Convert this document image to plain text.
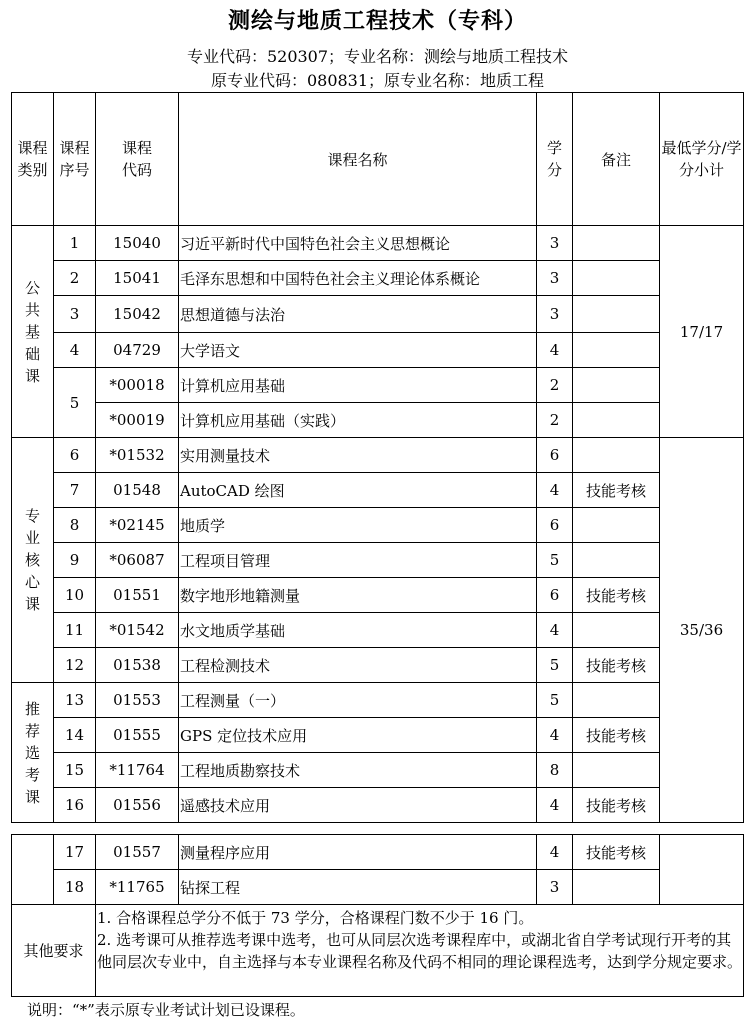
测绘与地质工程技术（专科）
专业代码：520307；专业名称：测绘与地质工程技术
原专业代码：080831；原专业名称：地质工程
课程类别	课程序号	课程代码	课程名称	学分	备注	最低学分/学分小计
公共基础课	1	15040	习近平新时代中国特色社会主义思想概论	3		17/17
	2	15041	毛泽东思想和中国特色社会主义理论体系概论	3		
	3	15042	思想道德与法治	3		
	4	04729	大学语文	4		
	5	*00018	计算机应用基础	2		
		*00019	计算机应用基础（实践）	2		
专业核心课	6	*01532	实用测量技术	6		35/36
	7	01548	AutoCAD 绘图	4	技能考核	
	8	*02145	地质学	6		
	9	*06087	工程项目管理	5		
	10	01551	数字地形地籍测量	6	技能考核	
	11	*01542	水文地质学基础	4		
	12	01538	工程检测技术	5	技能考核	
推荐选考课	13	01553	工程测量（一）	5		
	14	01555	GPS 定位技术应用	4	技能考核	
	15	*11764	工程地质勘察技术	8		
	16	01556	遥感技术应用	4	技能考核	
	17	01557	测量程序应用	4	技能考核	
	18	*11765	钻探工程	3		
其他要求		1. 合格课程总学分不低于 73 学分，合格课程门数不少于 16 门。
2. 选考课可从推荐选考课中选考，也可从同层次选考课程库中，或湖北省自学考试现行开考的其他同层次专业中，自主选择与本专业课程名称及代码不相同的理论课程选考，达到学分规定要求。				
说明：“*”表示原专业考试计划已设课程。
